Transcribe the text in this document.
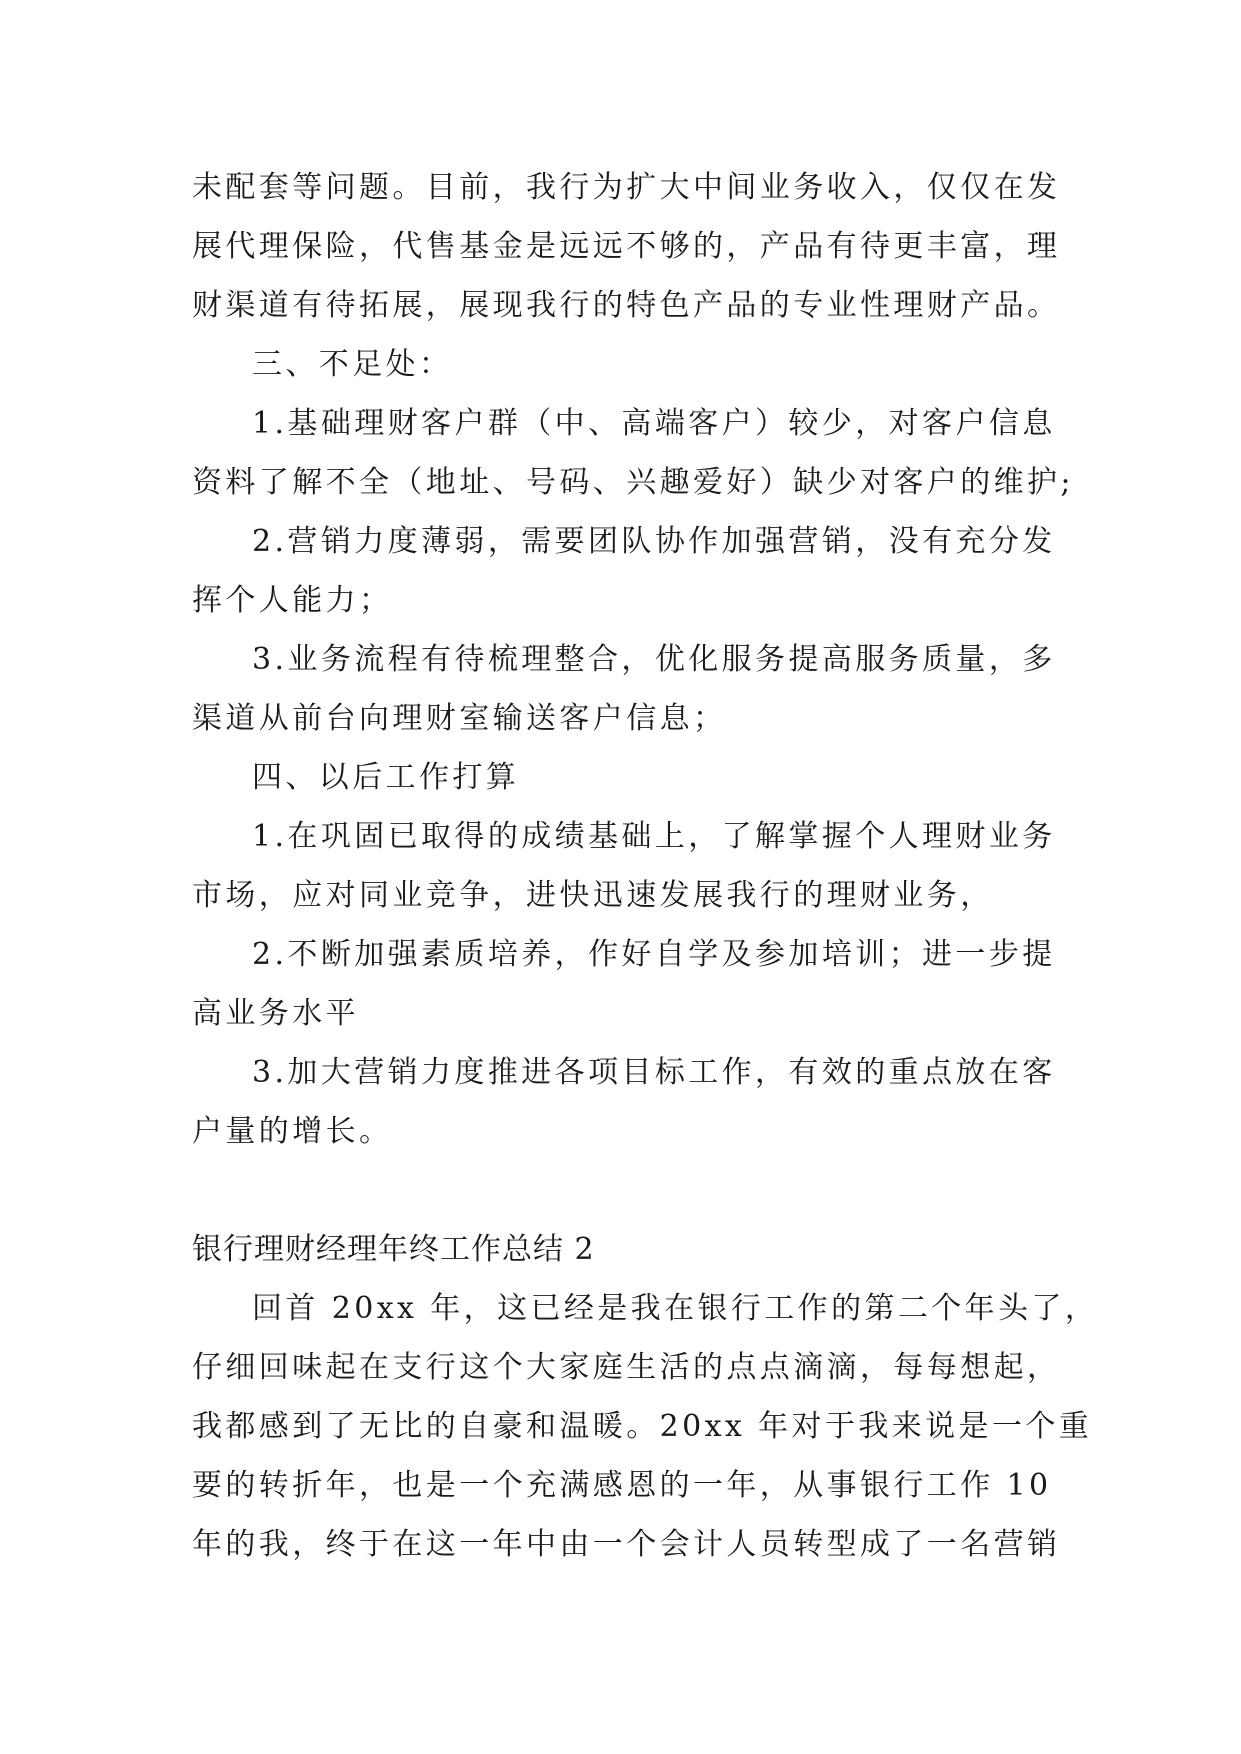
未配套等问题。目前，我行为扩大中间业务收入，仅仅在发

展代理保险，代售基金是远远不够的，产品有待更丰富，理

财渠道有待拓展，展现我行的特色产品的专业性理财产品。

三、不足处：

1.基础理财客户群（中、高端客户）较少，对客户信息

资料了解不全（地址、号码、兴趣爱好）缺少对客户的维护;

2.营销力度薄弱，需要团队协作加强营销，没有充分发

挥个人能力；

3.业务流程有待梳理整合，优化服务提高服务质量，多

渠道从前台向理财室输送客户信息；

四、以后工作打算

1.在巩固已取得的成绩基础上，了解掌握个人理财业务

市场，应对同业竞争，进快迅速发展我行的理财业务，

2.不断加强素质培养，作好自学及参加培训；进一步提

高业务水平

3.加大营销力度推进各项目标工作，有效的重点放在客

户量的增长。

银行理财经理年终工作总结 2

回首 20xx 年，这已经是我在银行工作的第二个年头了，

仔细回味起在支行这个大家庭生活的点点滴滴，每每想起，

我都感到了无比的自豪和温暖。20xx 年对于我来说是一个重

要的转折年，也是一个充满感恩的一年，从事银行工作 10

年的我，终于在这一年中由一个会计人员转型成了一名营销
